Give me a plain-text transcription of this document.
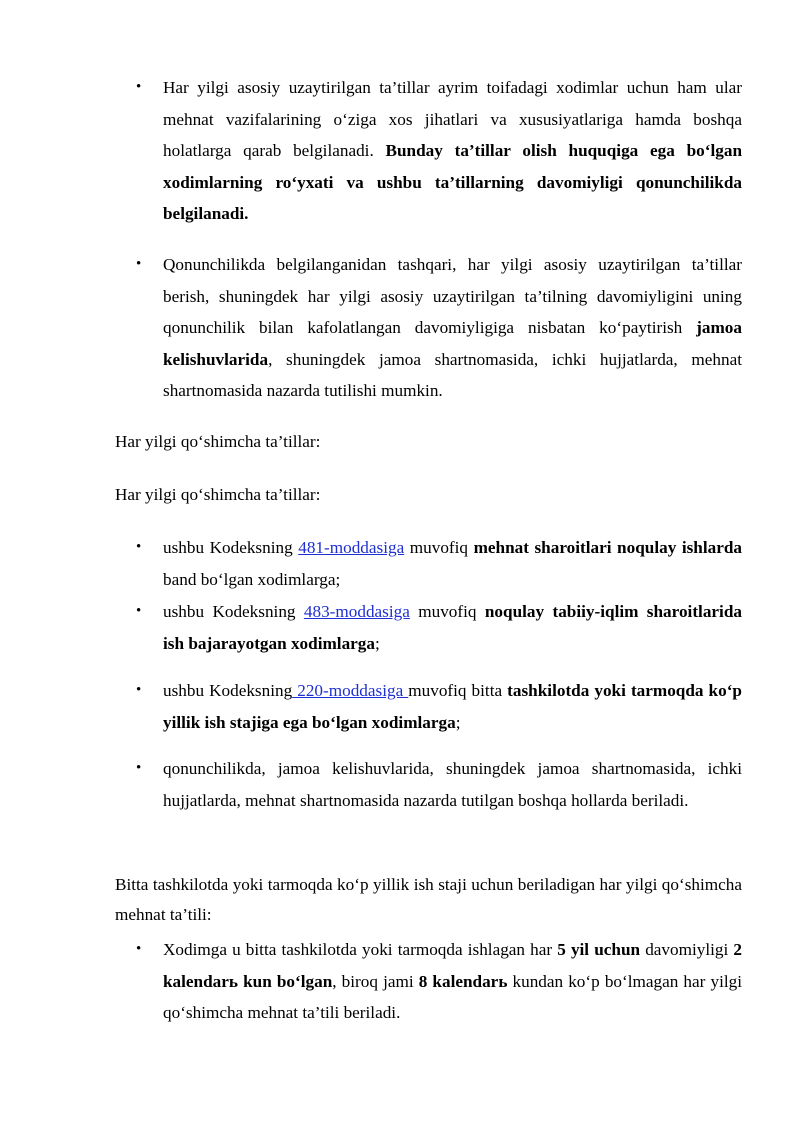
• Har yilgi asosiy uzaytirilgan ta’tillar ayrim toifadagi xodimlar uchun ham ular mehnat vazifalarining o‘ziga xos jihatlari va xususiyatlariga hamda boshqa holatlarga qarab belgilanadi. Bunday ta’tillar olish huquqiga ega bo‘lgan xodimlarning ro‘yxati va ushbu ta’tillarning davomiyligi qonunchilikda belgilanadi.
• Qonunchilikda belgilanganidan tashqari, har yilgi asosiy uzaytirilgan ta’tillar berish, shuningdek har yilgi asosiy uzaytirilgan ta’tilning davomiyligini uning qonunchilik bilan kafolatlangan davomiyligiga nisbatan ko‘paytirish jamoa kelishuvlarida, shuningdek jamoa shartnomasida, ichki hujjatlarda, mehnat shartnomasida nazarda tutilishi mumkin.
Har yilgi qo‘shimcha ta’tillar:
Har yilgi qo‘shimcha ta’tillar:
• ushbu Kodeksning 481-moddasiga muvofiq mehnat sharoitlari noqulay ishlarda band bo‘lgan xodimlarga;
• ushbu Kodeksning 483-moddasiga muvofiq noqulay tabiiy-iqlim sharoitlarida ish bajarayotgan xodimlarga;
• ushbu Kodeksning 220-moddasiga muvofiq bitta tashkilotda yoki tarmoqda ko‘p yillik ish stajiga ega bo‘lgan xodimlarga;
• qonunchilikda, jamoa kelishuvlarida, shuningdek jamoa shartnomasida, ichki hujjatlarda, mehnat shartnomasida nazarda tutilgan boshqa hollarda beriladi.
Bitta tashkilotda yoki tarmoqda ko‘p yillik ish staji uchun beriladigan har yilgi qo‘shimcha mehnat ta’tili:
• Xodimga u bitta tashkilotda yoki tarmoqda ishlagan har 5 yil uchun davomiyligi 2 kalendarь kun bo‘lgan, biroq jami 8 kalendarь kundan ko‘p bo‘lmagan har yilgi qo‘shimcha mehnat ta’tili beriladi.
